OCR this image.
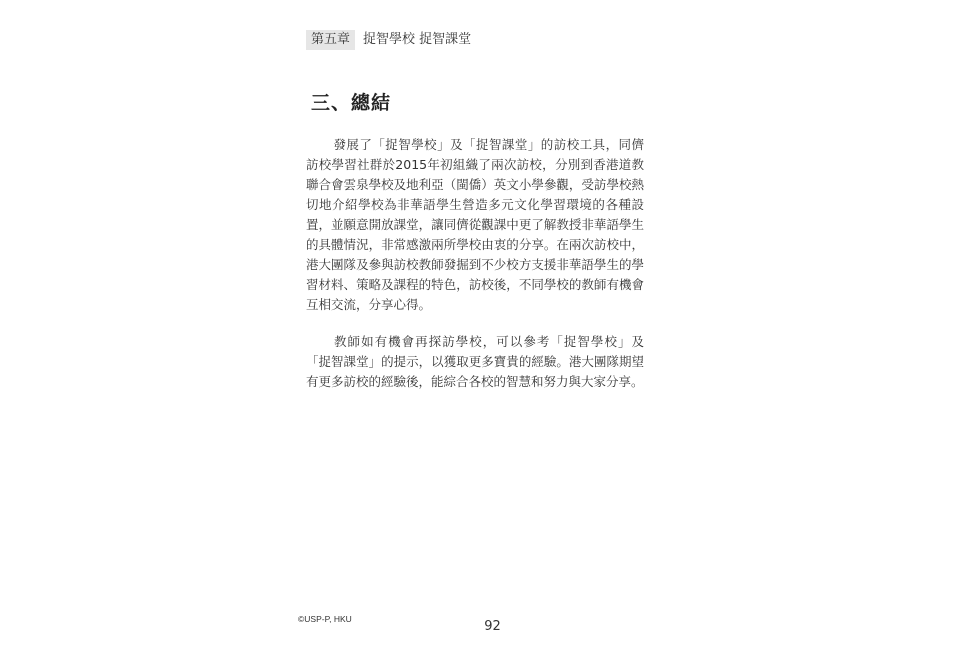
第五章	捉智學校 捉智課堂
三、總結

發展了「捉智學校」及「捉智課堂」的訪校工具，同儕訪校學習社群於2015年初組織了兩次訪校，分別到香港道教聯合會雲泉學校及地利亞（閩僑）英文小學參觀，受訪學校熱切地介紹學校為非華語學生營造多元文化學習環境的各種設置，並願意開放課堂，讓同儕從觀課中更了解教授非華語學生的具體情況，非常感激兩所學校由衷的分享。在兩次訪校中，港大團隊及參與訪校教師發掘到不少校方支援非華語學生的學習材料、策略及課程的特色，訪校後，不同學校的教師有機會互相交流，分享心得。

教師如有機會再探訪學校，可以參考「捉智學校」及「捉智課堂」的提示，以獲取更多寶貴的經驗。港大團隊期望有更多訪校的經驗後，能綜合各校的智慧和努力與大家分享。

©USP-P, HKU	92
